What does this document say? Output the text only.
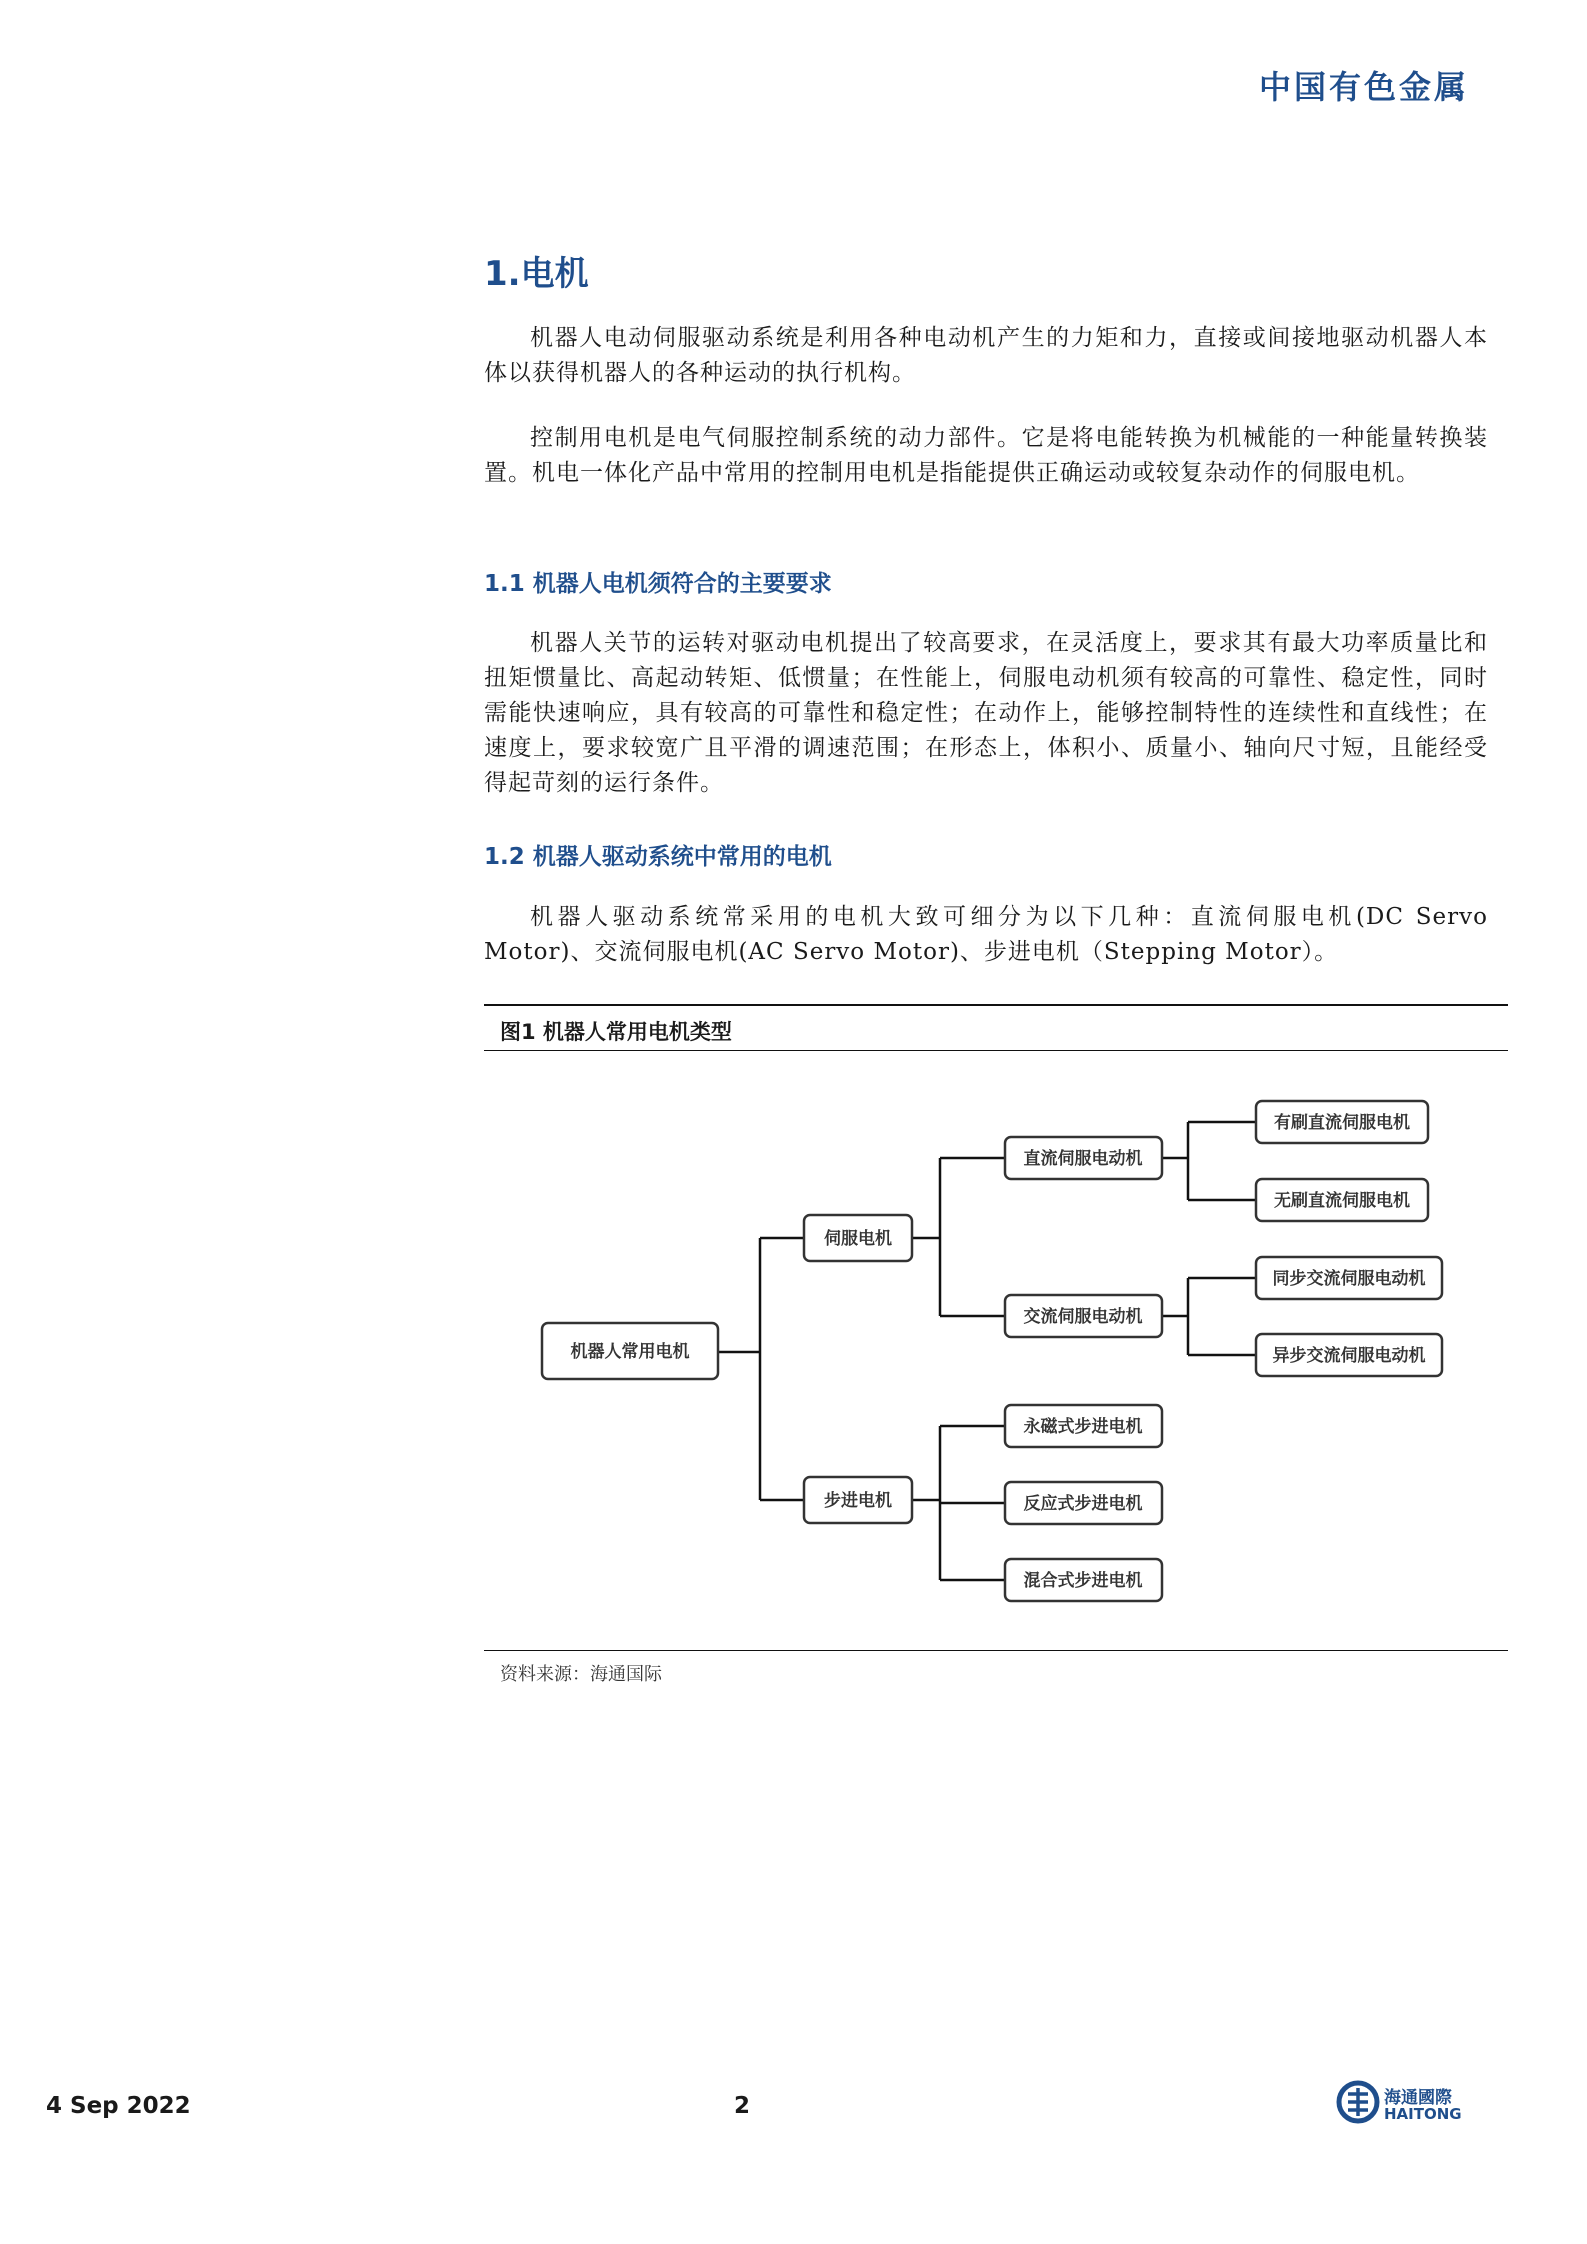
中国有色金属
1.电机
机器人电动伺服驱动系统是利用各种电动机产生的力矩和力，直接或间接地驱动机器人本体以获得机器人的各种运动的执行机构。
控制用电机是电气伺服控制系统的动力部件。它是将电能转换为机械能的一种能量转换装置。机电一体化产品中常用的控制用电机是指能提供正确运动或较复杂动作的伺服电机。
1.1 机器人电机须符合的主要要求
机器人关节的运转对驱动电机提出了较高要求，在灵活度上，要求其有最大功率质量比和扭矩惯量比、高起动转矩、低惯量；在性能上，伺服电动机须有较高的可靠性、稳定性，同时需能快速响应，具有较高的可靠性和稳定性；在动作上，能够控制特性的连续性和直线性；在速度上，要求较宽广且平滑的调速范围；在形态上，体积小、质量小、轴向尺寸短，且能经受得起苛刻的运行条件。
1.2 机器人驱动系统中常用的电机
机器人驱动系统常采用的电机大致可细分为以下几种：直流伺服电机(DC Servo Motor)、交流伺服电机(AC Servo Motor)、步进电机（Stepping Motor）。
图1 机器人常用电机类型
机器人常用电机
伺服电机
步进电机
直流伺服电动机
交流伺服电动机
有刷直流伺服电机
无刷直流伺服电机
同步交流伺服电动机
异步交流伺服电动机
永磁式步进电机
反应式步进电机
混合式步进电机
资料来源：海通国际
4 Sep 2022	2	海通國際
HAITONG
